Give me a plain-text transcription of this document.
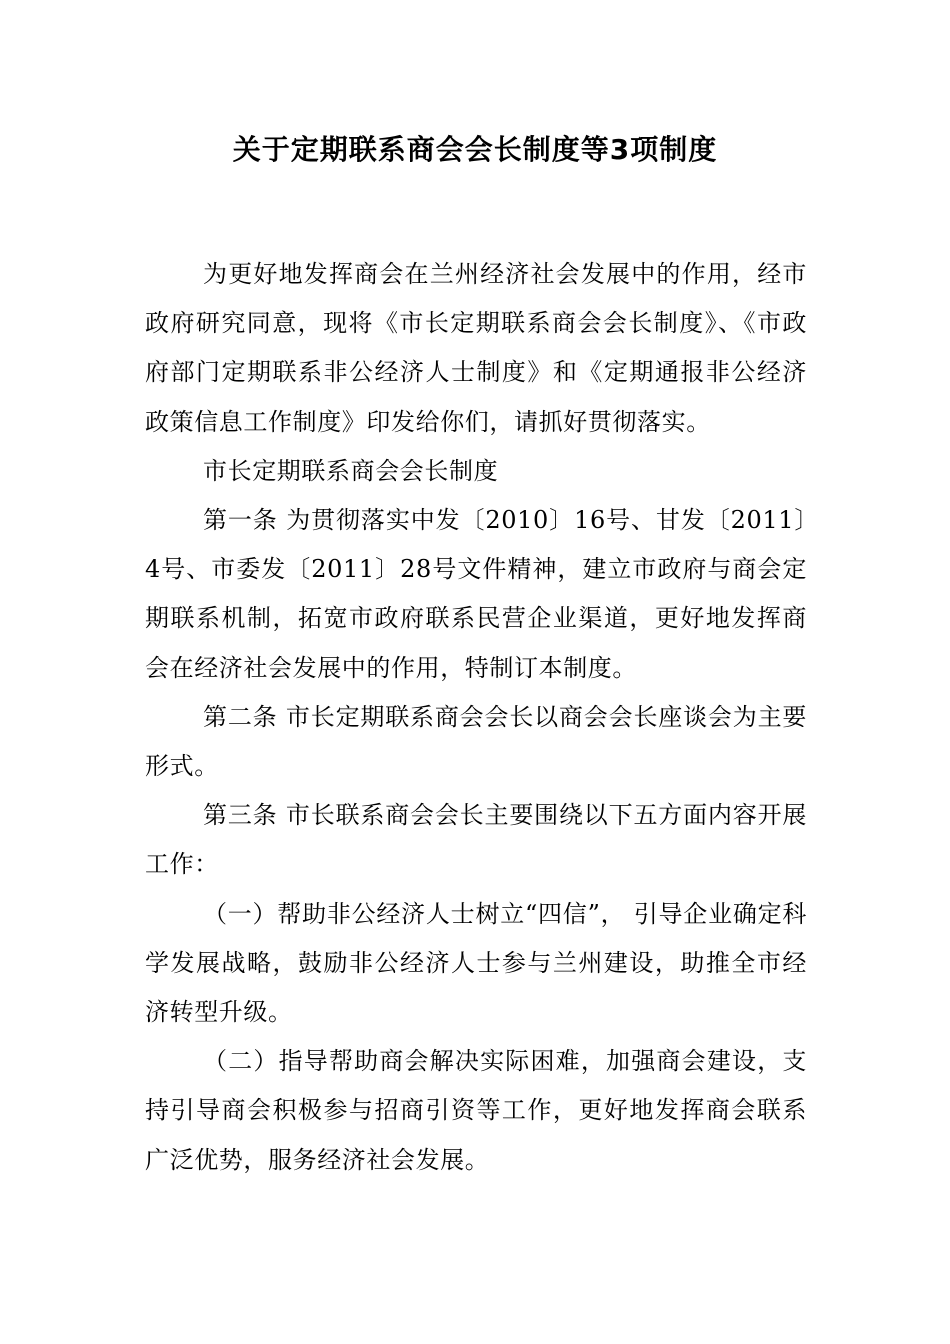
关于定期联系商会会长制度等3项制度

为更好地发挥商会在兰州经济社会发展中的作用，经市政府研究同意，现将《市长定期联系商会会长制度》、《市政府部门定期联系非公经济人士制度》和《定期通报非公经济政策信息工作制度》印发给你们，请抓好贯彻落实。

市长定期联系商会会长制度

第一条 为贯彻落实中发〔2010〕16号、甘发〔2011〕4号、市委发〔2011〕28号文件精神，建立市政府与商会定期联系机制，拓宽市政府联系民营企业渠道，更好地发挥商会在经济社会发展中的作用，特制订本制度。

第二条 市长定期联系商会会长以商会会长座谈会为主要形式。

第三条 市长联系商会会长主要围绕以下五方面内容开展工作：

（一）帮助非公经济人士树立“四信”， 引导企业确定科学发展战略，鼓励非公经济人士参与兰州建设，助推全市经济转型升级。

（二）指导帮助商会解决实际困难，加强商会建设，支持引导商会积极参与招商引资等工作，更好地发挥商会联系广泛优势，服务经济社会发展。
